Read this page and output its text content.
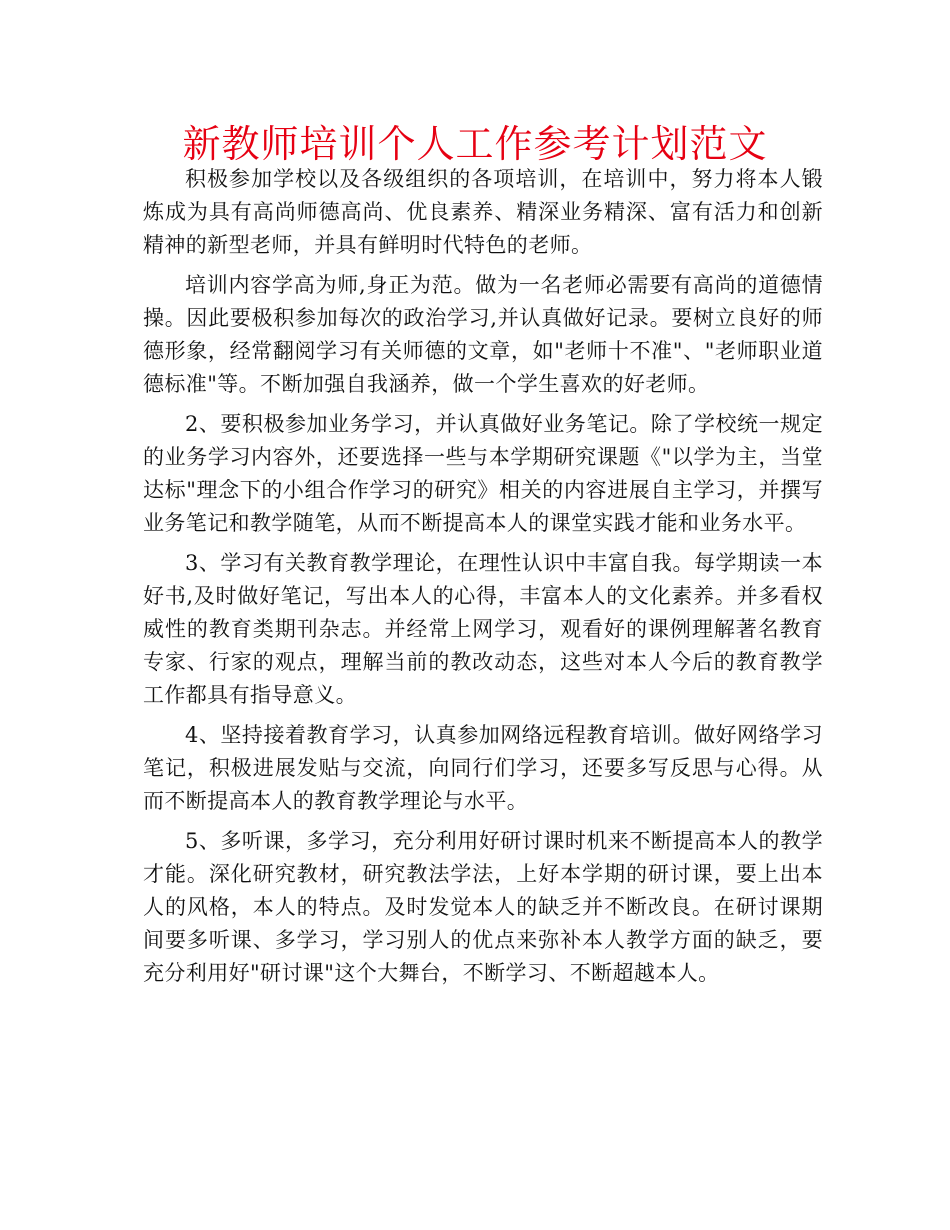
新教师培训个人工作参考计划范文

积极参加学校以及各级组织的各项培训，在培训中，努力将本人锻炼成为具有高尚师德高尚、优良素养、精深业务精深、富有活力和创新精神的新型老师，并具有鲜明时代特色的老师。

培训内容学高为师,身正为范。做为一名老师必需要有高尚的道德情操。因此要极积参加每次的政治学习,并认真做好记录。要树立良好的师德形象，经常翻阅学习有关师德的文章，如"老师十不准"、"老师职业道德标准"等。不断加强自我涵养，做一个学生喜欢的好老师。

2、要积极参加业务学习，并认真做好业务笔记。除了学校统一规定的业务学习内容外，还要选择一些与本学期研究课题《"以学为主，当堂达标"理念下的小组合作学习的研究》相关的内容进展自主学习，并撰写业务笔记和教学随笔，从而不断提高本人的课堂实践才能和业务水平。

3、学习有关教育教学理论，在理性认识中丰富自我。每学期读一本好书,及时做好笔记，写出本人的心得，丰富本人的文化素养。并多看权威性的教育类期刊杂志。并经常上网学习，观看好的课例理解著名教育专家、行家的观点，理解当前的教改动态，这些对本人今后的教育教学工作都具有指导意义。

4、坚持接着教育学习，认真参加网络远程教育培训。做好网络学习笔记，积极进展发贴与交流，向同行们学习，还要多写反思与心得。从而不断提高本人的教育教学理论与水平。

5、多听课，多学习，充分利用好研讨课时机来不断提高本人的教学才能。深化研究教材，研究教法学法，上好本学期的研讨课，要上出本人的风格，本人的特点。及时发觉本人的缺乏并不断改良。在研讨课期间要多听课、多学习，学习别人的优点来弥补本人教学方面的缺乏，要充分利用好"研讨课"这个大舞台，不断学习、不断超越本人。
